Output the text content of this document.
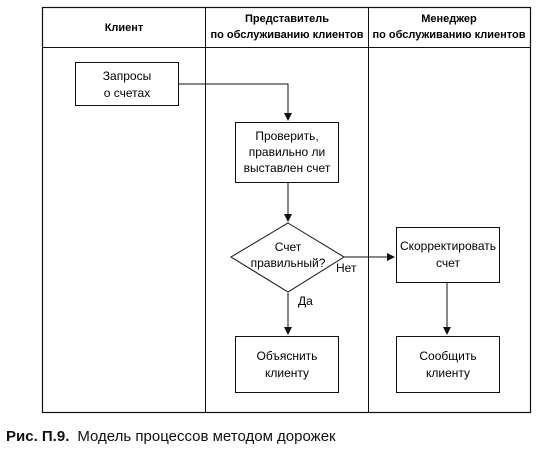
Клиент
Представитель
по обслуживанию клиентов
Менеджер
по обслуживанию клиентов
Запросы
о счетах
Проверить,
правильно ли
выставлен счет
Счет
правильный? Нет
Да
Скорректировать
счет
Объяснить
клиенту
Сообщить
клиенту
Рис. П.9. Модель процессов методом дорожек
